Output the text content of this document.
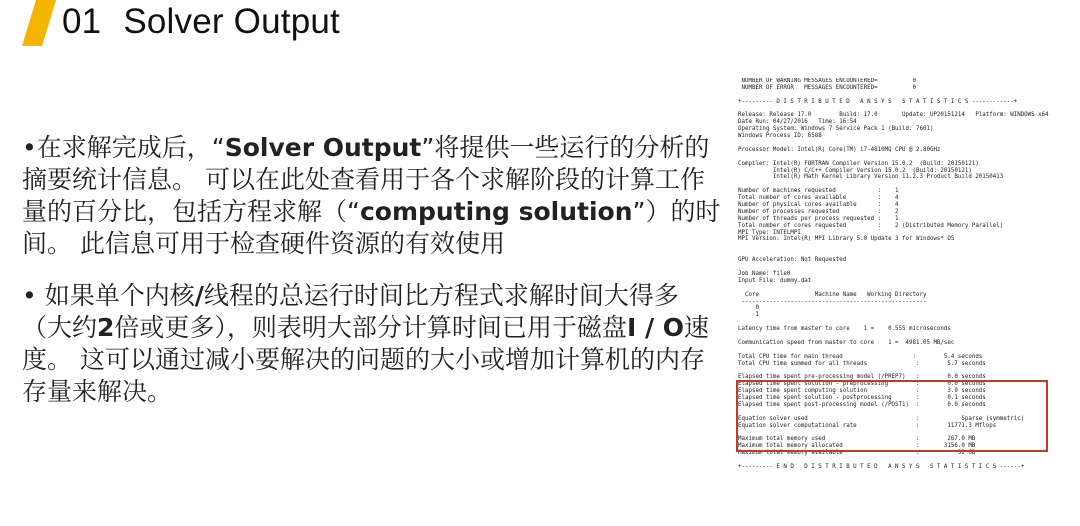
01 Solver Output

•在求解完成后，“Solver Output”将提供一些运行的分析的摘要统计信息。 可以在此处查看用于各个求解阶段的计算工作量的百分比，包括方程求解（“computing solution”）的时间。 此信息可用于检查硬件资源的有效使用

• 如果单个内核/线程的总运行时间比方程式求解时间大得多（大约2倍或更多），则表明大部分计算时间已用于磁盘I / O速度。 这可以通过减小要解决的问题的大小或增加计算机的内存存量来解决。

NUMBER OF WARNING MESSAGES ENCOUNTERED=          0
NUMBER OF ERROR   MESSAGES ENCOUNTERED=          0
+--------- D I S T R I B U T E D   A N S Y S   S T A T I S T I C S ------------+
Release: Release 17.0        Build: 17.0       Update: UP20151214   Platform: WINDOWS x64
Date Run: 04/27/2016   Time: 16:54
Operating System: Windows 7 Service Pack 1 (Build: 7601)
Windows Process ID: 6588
Processor Model: Intel(R) Core(TM) i7-4810MQ CPU @ 2.80GHz
Compiler: Intel(R) FORTRAN Compiler Version 15.0.2  (Build: 20150121)
Intel(R) C/C++ Compiler Version 15.0.2  (Build: 20150121)
Intel(R) Math Kernel Library Version 11.2.3 Product Build 20150413
Number of machines requested            :    1
Total number of cores available         :    4
Number of physical cores available      :    4
Number of processes requested           :    2
Number of threads per process requested :    1
Total number of cores requested         :    2 (Distributed Memory Parallel)
MPI Type: INTELMPI
MPI Version: Intel(R) MPI Library 5.0 Update 3 for Windows* OS
GPU Acceleration: Not Requested
Job Name: file0
Input File: dummy.dat
Core                Machine Name   Working Directory
-----------------------------------------------------
0
1
Latency time from master to core    1 =    0.555 microseconds
Communication speed from master to core    1 =  4981.05 MB/sec
Total CPU time for main thread                    :        5.4 seconds
Total CPU time summed for all threads              :        5.7 seconds
Elapsed time spent pre-processing model (/PREP7)   :        0.0 seconds
Elapsed time spent solution - preprocessing        :        0.0 seconds
Elapsed time spent computing solution              :        3.9 seconds
Elapsed time spent solution - postprocessing       :        0.1 seconds
Elapsed time spent post-processing model (/POST1)  :        0.0 seconds
Equation solver used                               :            Sparse (symmetric)
Equation solver computational rate                 :        11771.3 Mflops
Maximum total memory used                          :        267.0 MB
Maximum total memory allocated                     :       3156.0 MB
Maximum total memory available                     :           32 GB
+--------- E N D   D I S T R I B U T E D   A N S Y S   S T A T I S T I C S ------+
